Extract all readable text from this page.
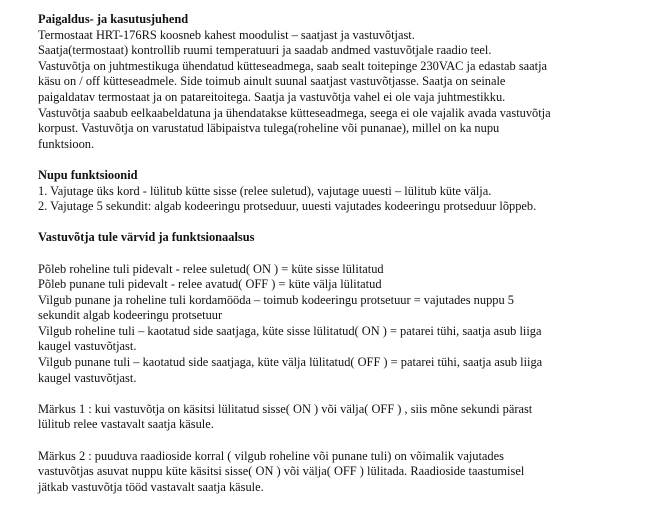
Paigaldus- ja kasutusjuhend
Termostaat HRT-176RS koosneb kahest moodulist – saatjast ja vastuvõtjast.
Saatja(termostaat) kontrollib ruumi temperatuuri ja saadab andmed vastuvõtjale raadio teel.
Vastuvõtja on juhtmestikuga ühendatud kütteseadmega, saab sealt toitepinge 230VAC ja edastab saatja
käsu on / off kütteseadmele. Side toimub ainult suunal saatjast vastuvõtjasse. Saatja on seinale
paigaldatav termostaat ja on patareitoitega. Saatja ja vastuvõtja vahel ei ole vaja juhtmestikku.
Vastuvõtja saabub eelkaabeldatuna ja ühendatakse kütteseadmega, seega ei ole vajalik avada vastuvõtja
korpust. Vastuvõtja on varustatud läbipaistva tulega(roheline või punanae), millel on ka nupu
funktsioon.
Nupu funktsioonid
1. Vajutage üks kord - lülitub kütte sisse (relee suletud), vajutage uuesti – lülitub küte välja.
2. Vajutage 5 sekundit: algab kodeeringu protseduur, uuesti vajutades kodeeringu protseduur lõppeb.
Vastuvõtja tule värvid ja funktsionaalsus
Põleb roheline tuli pidevalt - relee suletud( ON ) = küte sisse lülitatud
Põleb punane tuli pidevalt - relee avatud( OFF ) = küte välja lülitatud
Vilgub punane ja roheline tuli kordamööda – toimub kodeeringu protsetuur = vajutades nuppu 5
sekundit algab kodeeringu protsetuur
Vilgub roheline tuli – kaotatud side saatjaga, küte sisse lülitatud( ON ) = patarei tühi, saatja asub liiga
kaugel vastuvõtjast.
Vilgub punane tuli – kaotatud side saatjaga, küte välja lülitatud( OFF ) = patarei tühi, saatja asub liiga
kaugel vastuvõtjast.
Märkus 1 : kui vastuvõtja on käsitsi lülitatud sisse( ON ) või välja( OFF ) , siis mõne sekundi pärast
lülitub relee vastavalt saatja käsule.
Märkus 2 : puuduva raadioside korral ( vilgub roheline või punane tuli) on võimalik vajutades
vastuvõtjas asuvat nuppu küte käsitsi sisse( ON ) või välja( OFF ) lülitada. Raadioside taastumisel
jätkab vastuvõtja tööd vastavalt saatja käsule.
